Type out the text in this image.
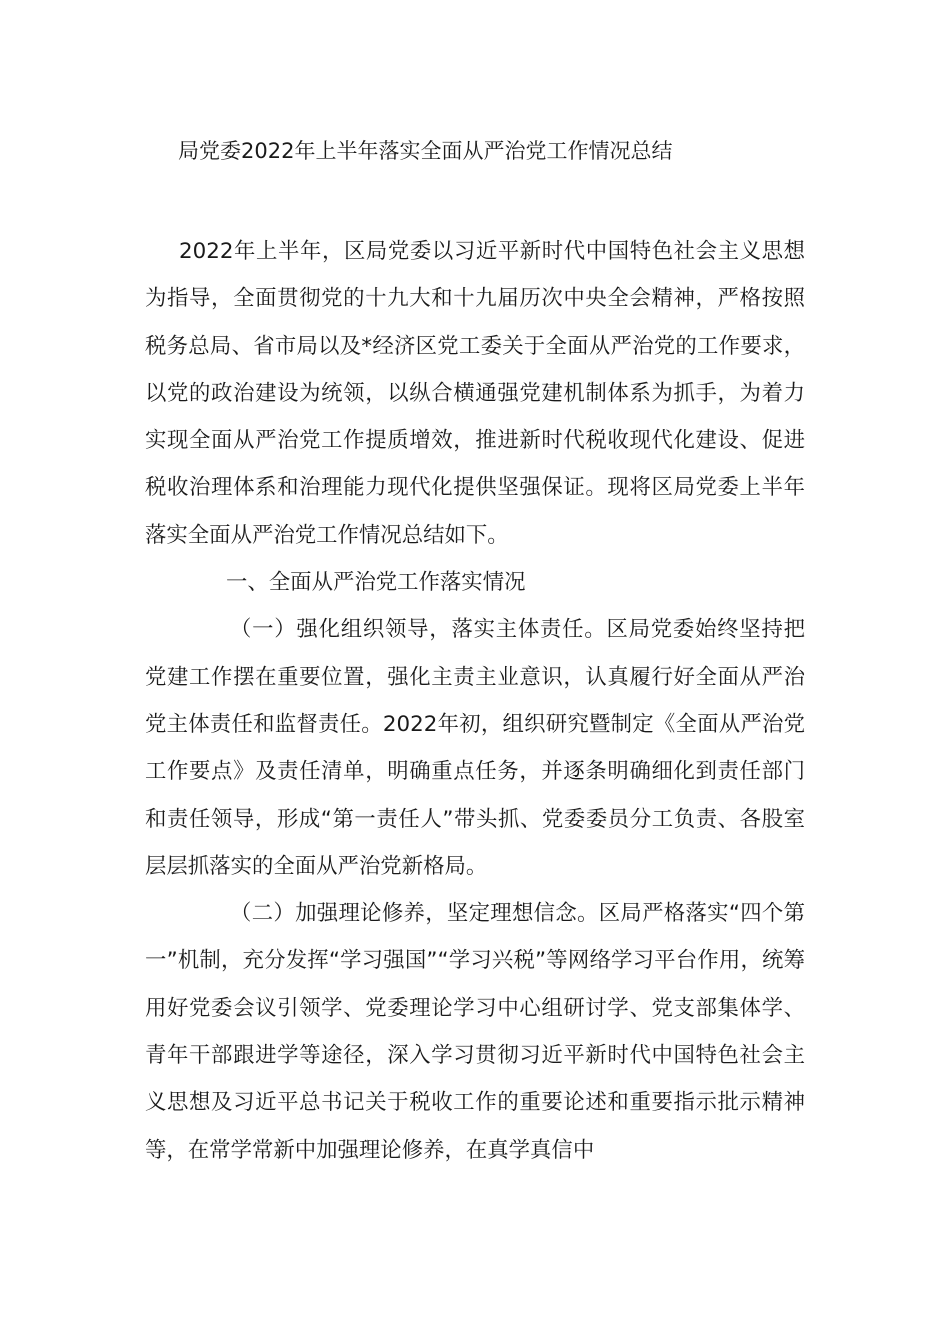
局党委2022年上半年落实全面从严治党工作情况总结

2022年上半年，区局党委以习近平新时代中国特色社会主义思想为指导，全面贯彻党的十九大和十九届历次中央全会精神，严格按照税务总局、省市局以及*经济区党工委关于全面从严治党的工作要求，以党的政治建设为统领，以纵合横通强党建机制体系为抓手，为着力实现全面从严治党工作提质增效，推进新时代税收现代化建设、促进税收治理体系和治理能力现代化提供坚强保证。现将区局党委上半年落实全面从严治党工作情况总结如下。

一、全面从严治党工作落实情况

（一）强化组织领导，落实主体责任。区局党委始终坚持把党建工作摆在重要位置，强化主责主业意识，认真履行好全面从严治党主体责任和监督责任。2022年初，组织研究暨制定《全面从严治党工作要点》及责任清单，明确重点任务，并逐条明确细化到责任部门和责任领导，形成“第一责任人”带头抓、党委委员分工负责、各股室层层抓落实的全面从严治党新格局。

（二）加强理论修养，坚定理想信念。区局严格落实“四个第一”机制，充分发挥“学习强国”“学习兴税”等网络学习平台作用，统筹用好党委会议引领学、党委理论学习中心组研讨学、党支部集体学、青年干部跟进学等途径，深入学习贯彻习近平新时代中国特色社会主义思想及习近平总书记关于税收工作的重要论述和重要指示批示精神等，在常学常新中加强理论修养，在真学真信中
